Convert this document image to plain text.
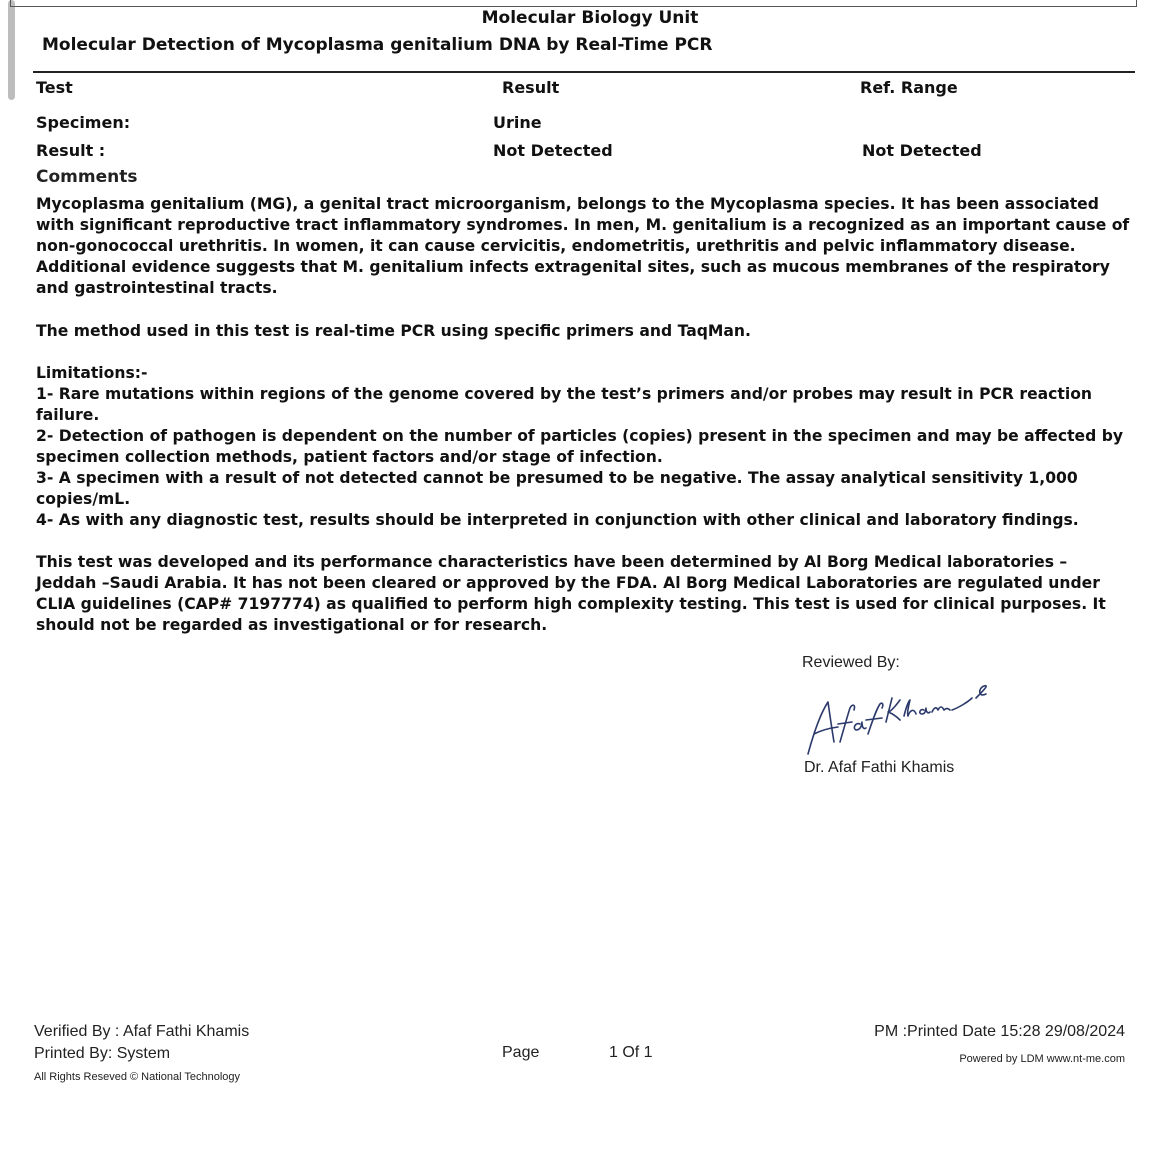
Molecular Biology Unit
Molecular Detection of Mycoplasma genitalium DNA by Real-Time PCR
Test	Result	Ref. Range
Specimen:	Urine
Result :	Not Detected	Not Detected
Comments
Mycoplasma genitalium (MG), a genital tract microorganism, belongs to the Mycoplasma species. It has been associated with significant reproductive tract inflammatory syndromes. In men, M. genitalium is a recognized as an important cause of non-gonococcal urethritis. In women, it can cause cervicitis, endometritis, urethritis and pelvic inflammatory disease. Additional evidence suggests that M. genitalium infects extragenital sites, such as mucous membranes of the respiratory and gastrointestinal tracts.
The method used in this test is real-time PCR using specific primers and TaqMan.

Limitations:-

1- Rare mutations within regions of the genome covered by the test’s primers and/or probes may result in PCR reaction failure.

2- Detection of pathogen is dependent on the number of particles (copies) present in the specimen and may be affected by specimen collection methods, patient factors and/or stage of infection.

3- A specimen with a result of not detected cannot be presumed to be negative. The assay analytical sensitivity 1,000 copies/mL.

4- As with any diagnostic test, results should be interpreted in conjunction with other clinical and laboratory findings.

This test was developed and its performance characteristics have been determined by Al Borg Medical laboratories – Jeddah –Saudi Arabia. It has not been cleared or approved by the FDA. Al Borg Medical Laboratories are regulated under CLIA guidelines (CAP# 7197774) as qualified to perform high complexity testing. This test is used for clinical purposes. It should not be regarded as investigational or for research.
Reviewed By:
Afaf Khamis
Dr. Afaf Fathi Khamis
Verified By : Afaf Fathi Khamis
Printed By: System
All Rights Reseved © National Technology
Page	1 Of 1
PM :Printed Date 15:28 29/08/2024
Powered by LDM www.nt-me.com
